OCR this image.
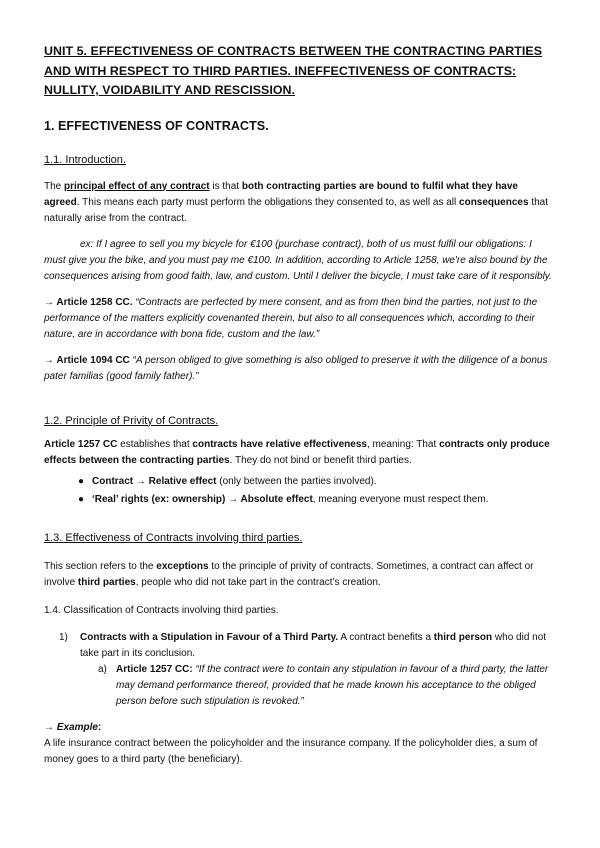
UNIT 5. EFFECTIVENESS OF CONTRACTS BETWEEN THE CONTRACTING PARTIES AND WITH RESPECT TO THIRD PARTIES. INEFFECTIVENESS OF CONTRACTS: NULLITY, VOIDABILITY AND RESCISSION.

1. EFFECTIVENESS OF CONTRACTS.

1.1. Introduction.

The principal effect of any contract is that both contracting parties are bound to fulfil what they have agreed. This means each party must perform the obligations they consented to, as well as all consequences that naturally arise from the contract.

ex: If I agree to sell you my bicycle for €100 (purchase contract), both of us must fulfil our obligations: I must give you the bike, and you must pay me €100. In addition, according to Article 1258, we're also bound by the consequences arising from good faith, law, and custom. Until I deliver the bicycle, I must take care of it responsibly.

→ Article 1258 CC. “Contracts are perfected by mere consent, and as from then bind the parties, not just to the performance of the matters explicitly covenanted therein, but also to all consequences which, according to their nature, are in accordance with bona fide, custom and the law.”

→ Article 1094 CC “A person obliged to give something is also obliged to preserve it with the diligence of a bonus pater familias (good family father).”

1.2. Principle of Privity of Contracts.

Article 1257 CC establishes that contracts have relative effectiveness, meaning: That contracts only produce effects between the contracting parties. They do not bind or benefit third parties.

● Contract → Relative effect (only between the parties involved).
● ‘Real’ rights (ex: ownership) → Absolute effect, meaning everyone must respect them.

1.3. Effectiveness of Contracts involving third parties.

This section refers to the exceptions to the principle of privity of contracts. Sometimes, a contract can affect or involve third parties, people who did not take part in the contract’s creation.

1.4. Classification of Contracts involving third parties.

1) Contracts with a Stipulation in Favour of a Third Party. A contract benefits a third person who did not take part in its conclusion.
a) Article 1257 CC: “If the contract were to contain any stipulation in favour of a third party, the latter may demand performance thereof, provided that he made known his acceptance to the obliged person before such stipulation is revoked.”

→ Example:

A life insurance contract between the policyholder and the insurance company. If the policyholder dies, a sum of money goes to a third party (the beneficiary).
